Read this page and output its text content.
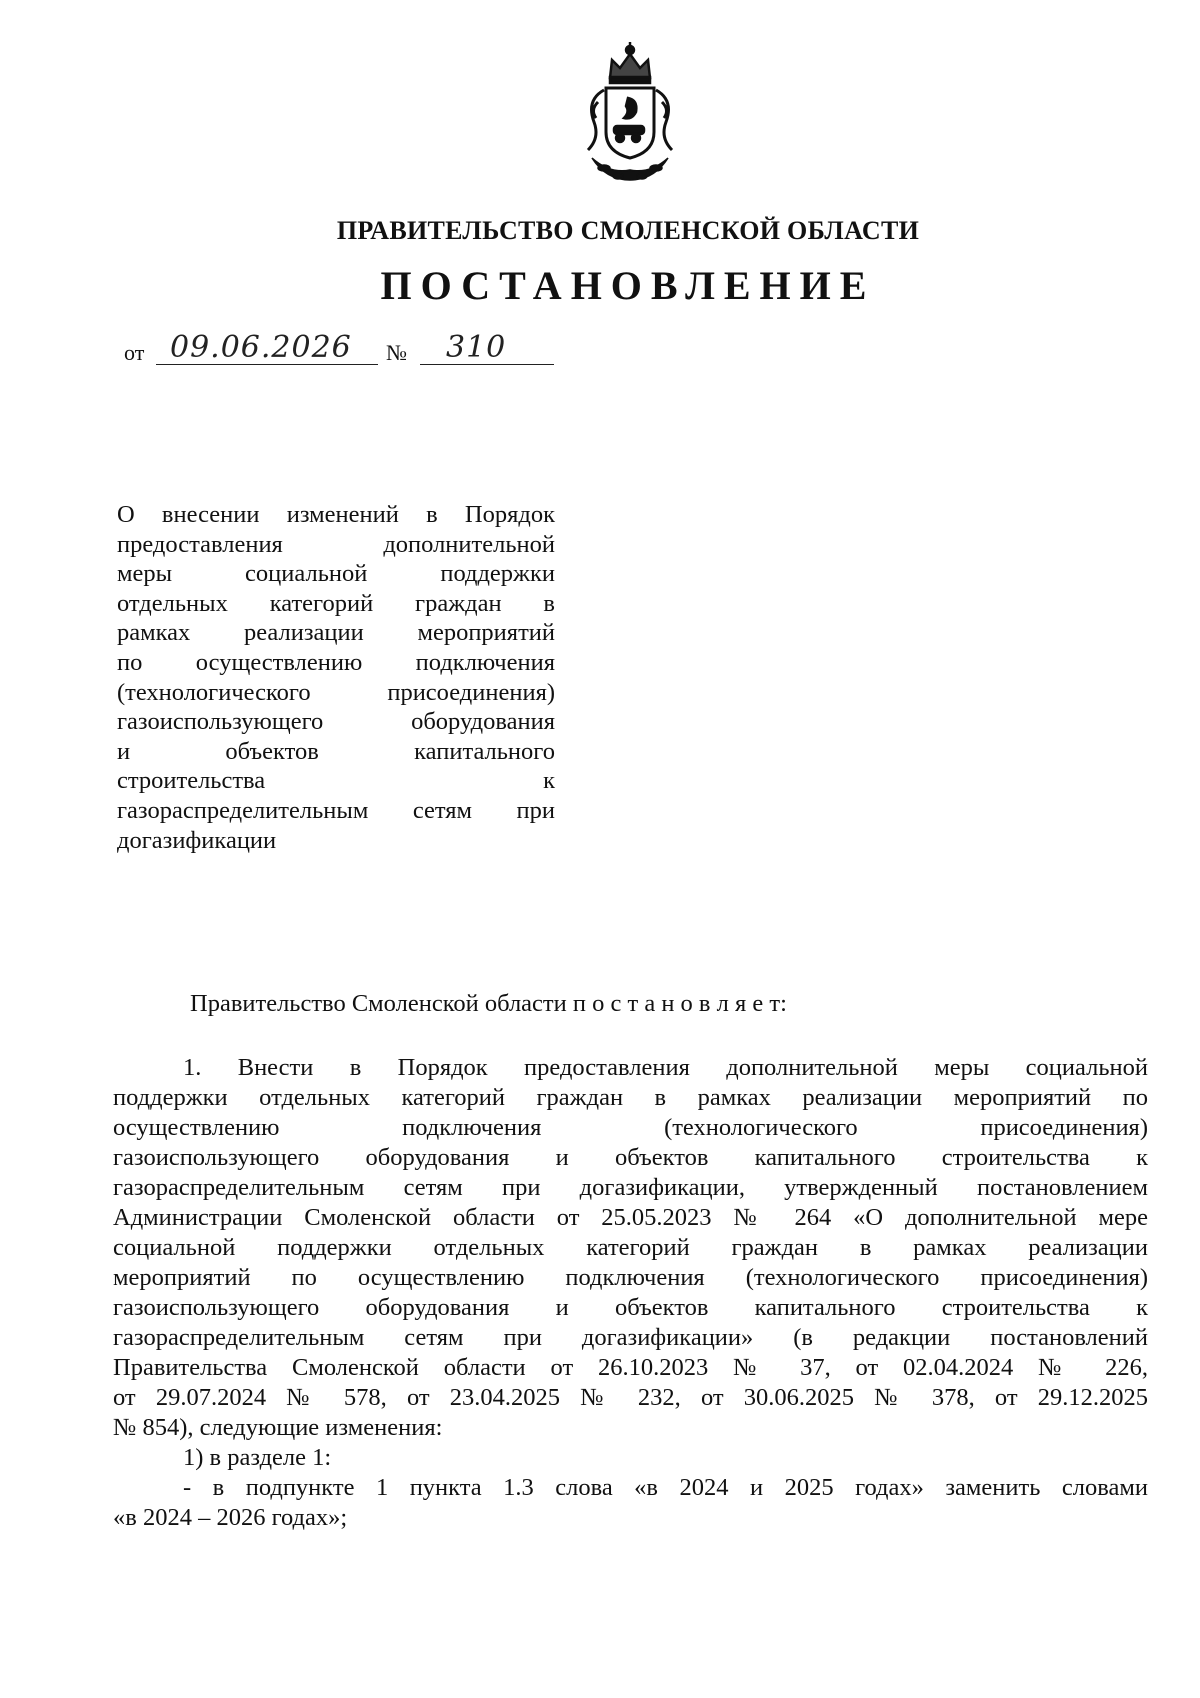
ПРАВИТЕЛЬСТВО СМОЛЕНСКОЙ ОБЛАСТИ
ПОСТАНОВЛЕНИЕ
от 09.06.2026 № 310
О внесении изменений в Порядок
предоставления дополнительной
меры социальной поддержки
отдельных категорий граждан в
рамках реализации мероприятий
по осуществлению подключения
(технологического присоединения)
газоиспользующего оборудования
и объектов капитального
строительства к
газораспределительным сетям при
догазификации
Правительство Смоленской области п о с т а н о в л я е т:
1. Внести в Порядок предоставления дополнительной меры социальной
поддержки отдельных категорий граждан в рамках реализации мероприятий по
осуществлению подключения (технологического присоединения)
газоиспользующего оборудования и объектов капитального строительства к
газораспределительным сетям при догазификации, утвержденный постановлением
Администрации Смоленской области от 25.05.2023 № 264 «О дополнительной мере
социальной поддержки отдельных категорий граждан в рамках реализации
мероприятий по осуществлению подключения (технологического присоединения)
газоиспользующего оборудования и объектов капитального строительства к
газораспределительным сетям при догазификации» (в редакции постановлений
Правительства Смоленской области от 26.10.2023 № 37, от 02.04.2024 № 226,
от 29.07.2024 № 578, от 23.04.2025 № 232, от 30.06.2025 № 378, от 29.12.2025
№ 854), следующие изменения:
1) в разделе 1:
- в подпункте 1 пункта 1.3 слова «в 2024 и 2025 годах» заменить словами
«в 2024 – 2026 годах»;
